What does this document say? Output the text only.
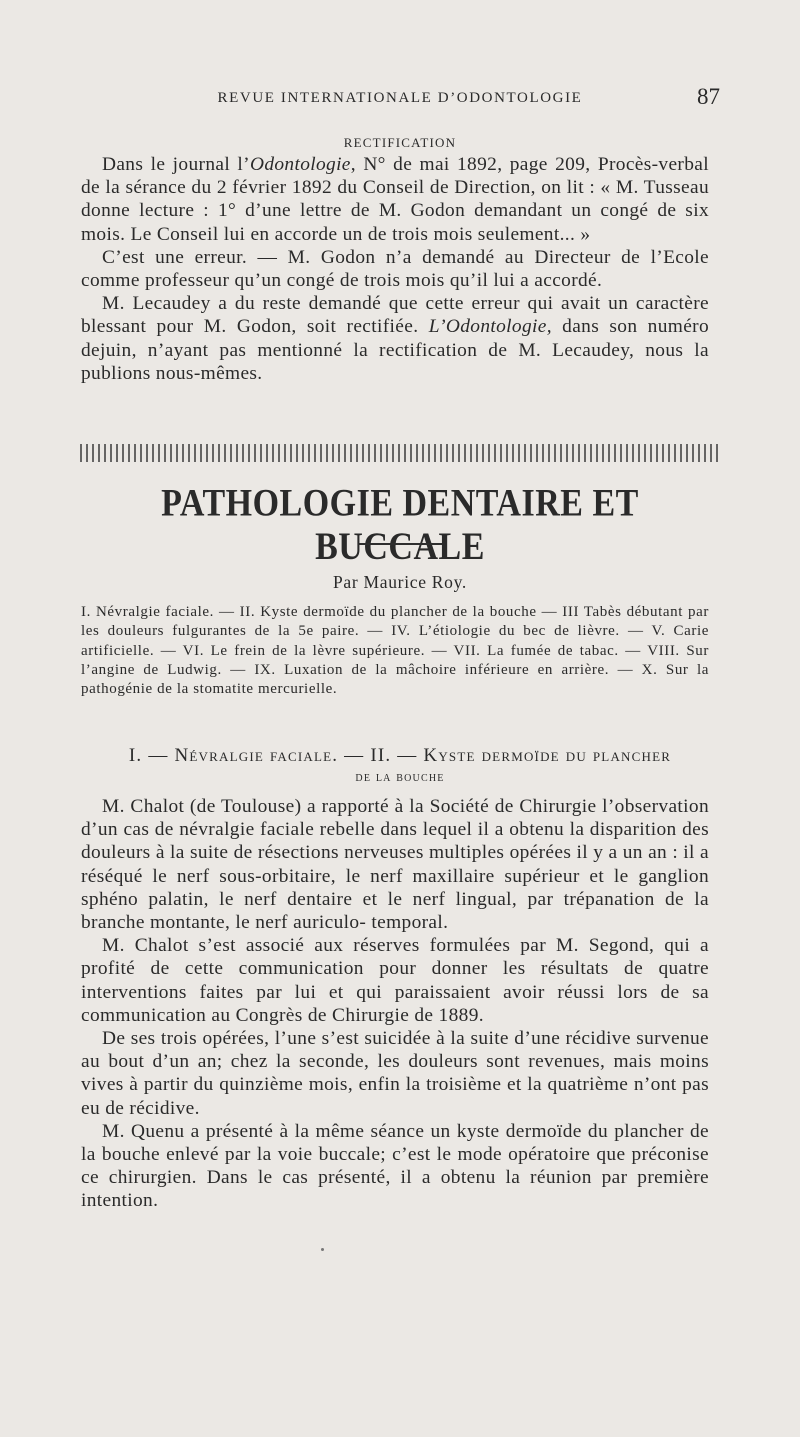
REVUE INTERNATIONALE D’ODONTOLOGIE	87
RECTIFICATION

Dans le journal l’Odontologie, N° de mai 1892, page 209, Procès-verbal de la sérance du 2 février 1892 du Conseil de Direction, on lit : « M. Tusseau donne lecture : 1° d’une lettre de M. Godon demandant un congé de six mois. Le Conseil lui en accorde un de trois mois seulement... »

C’est une erreur. — M. Godon n’a demandé au Directeur de l’Ecole comme professeur qu’un congé de trois mois qu’il lui a accordé.

M. Lecaudey a du reste demandé que cette erreur qui avait un caractère blessant pour M. Godon, soit rectifiée. L’Odontologie, dans son numéro dejuin, n’ayant pas mentionné la rectification de M. Lecaudey, nous la publions nous-mêmes.

PATHOLOGIE DENTAIRE ET BUCCALE
Par Maurice Roy.

I. Névralgie faciale. — II. Kyste dermoïde du plancher de la bouche — III Tabès débutant par les douleurs fulgurantes de la 5e paire. — IV. L’étiologie du bec de lièvre. — V. Carie artificielle. — VI. Le frein de la lèvre supérieure. — VII. La fumée de tabac. — VIII. Sur l’angine de Ludwig. — IX. Luxation de la mâchoire inférieure en arrière. — X. Sur la pathogénie de la stomatite mercurielle.

I. — Névralgie faciale. — II. — Kyste dermoïde du plancher
de la bouche

M. Chalot (de Toulouse) a rapporté à la Société de Chirurgie l’observation d’un cas de névralgie faciale rebelle dans lequel il a obtenu la disparition des douleurs à la suite de résections nerveuses multiples opérées il y a un an : il a réséqué le nerf sous-orbitaire, le nerf maxillaire supérieur et le ganglion sphéno palatin, le nerf dentaire et le nerf lingual, par trépanation de la branche montante, le nerf auriculo- temporal.

M. Chalot s’est associé aux réserves formulées par M. Segond, qui a profité de cette communication pour donner les résultats de quatre interventions faites par lui et qui paraissaient avoir réussi lors de sa communication au Congrès de Chirurgie de 1889.

De ses trois opérées, l’une s’est suicidée à la suite d’une récidive survenue au bout d’un an; chez la seconde, les douleurs sont revenues, mais moins vives à partir du quinzième mois, enfin la troisième et la quatrième n’ont pas eu de récidive.

M. Quenu a présenté à la même séance un kyste dermoïde du plancher de la bouche enlevé par la voie buccale; c’est le mode opératoire que préconise ce chirurgien. Dans le cas présenté, il a obtenu la réunion par première intention.
